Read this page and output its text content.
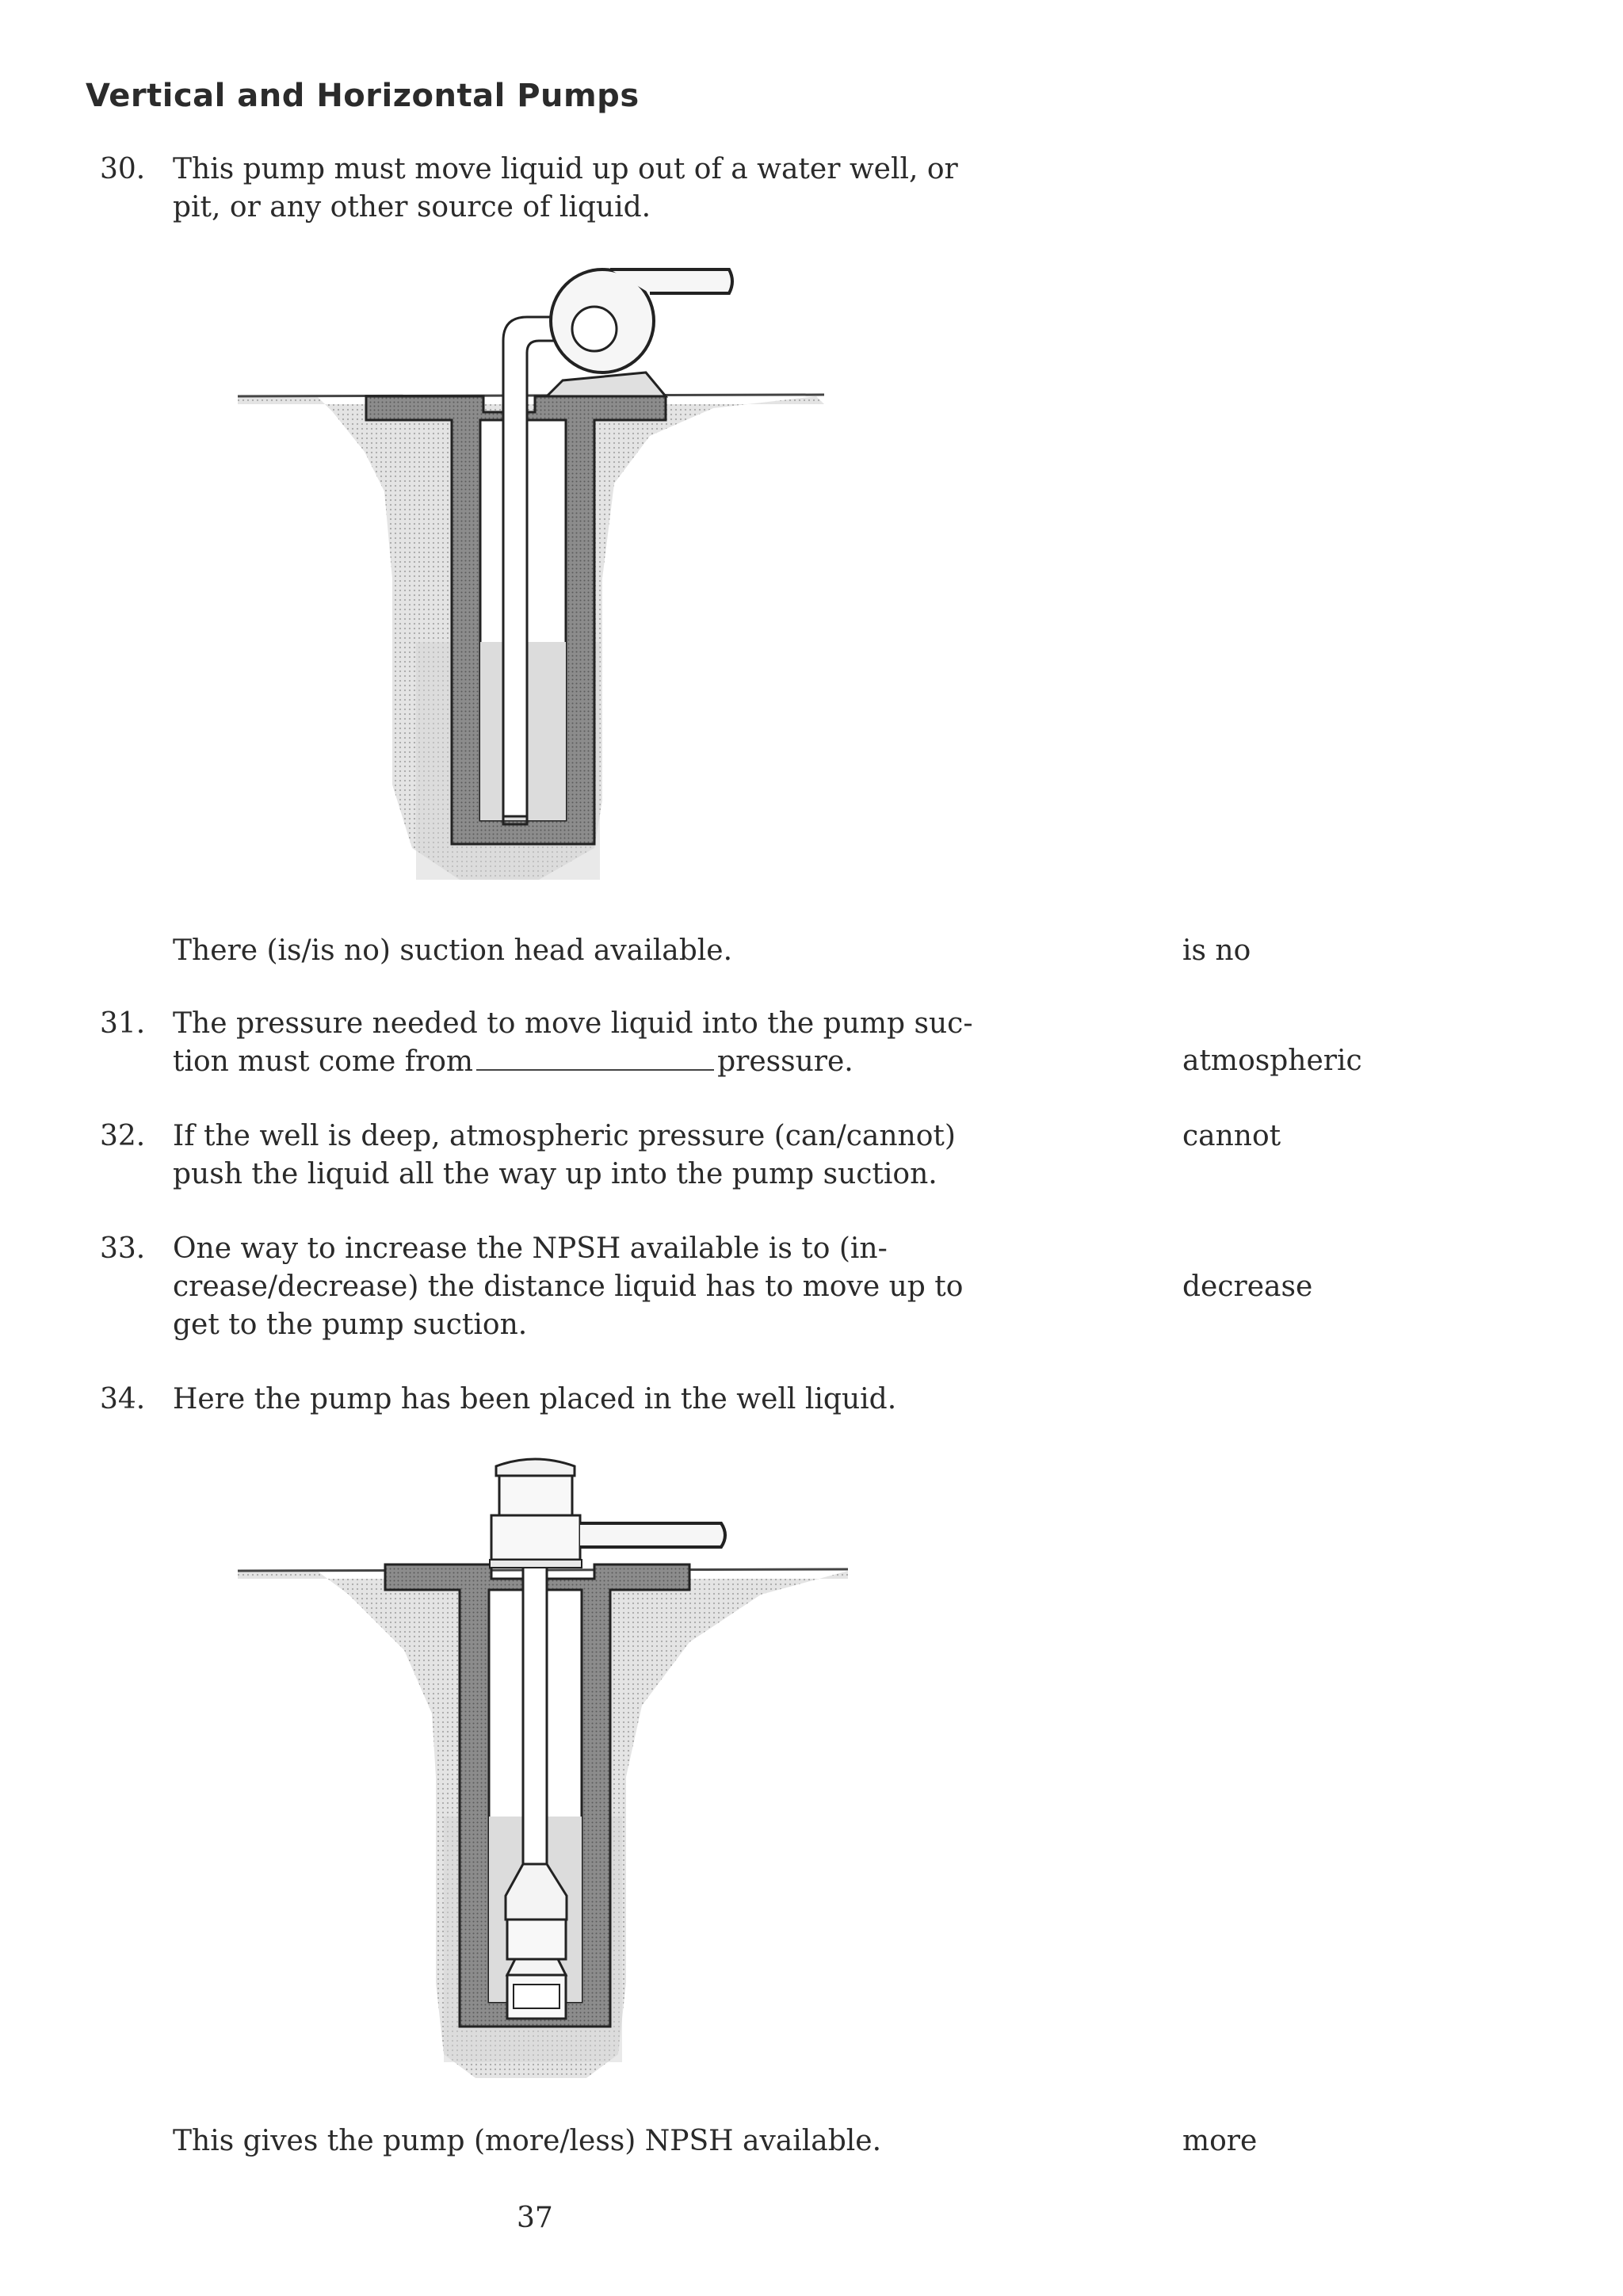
Vertical and Horizontal Pumps
30. This pump must move liquid up out of a water well, or
pit, or any other source of liquid.
There (is/is no) suction head available.	is no
31. The pressure needed to move liquid into the pump suc-
tion must come from	pressure.	atmospheric
32. If the well is deep, atmospheric pressure (can/cannot)
push the liquid all the way up into the pump suction.
cannot
33. One way to increase the NPSH available is to (in-
crease/decrease) the distance liquid has to move up to
get to the pump suction.
decrease
34. Here the pump has been placed in the well liquid.
This gives the pump (more/less) NPSH available.	more
37
